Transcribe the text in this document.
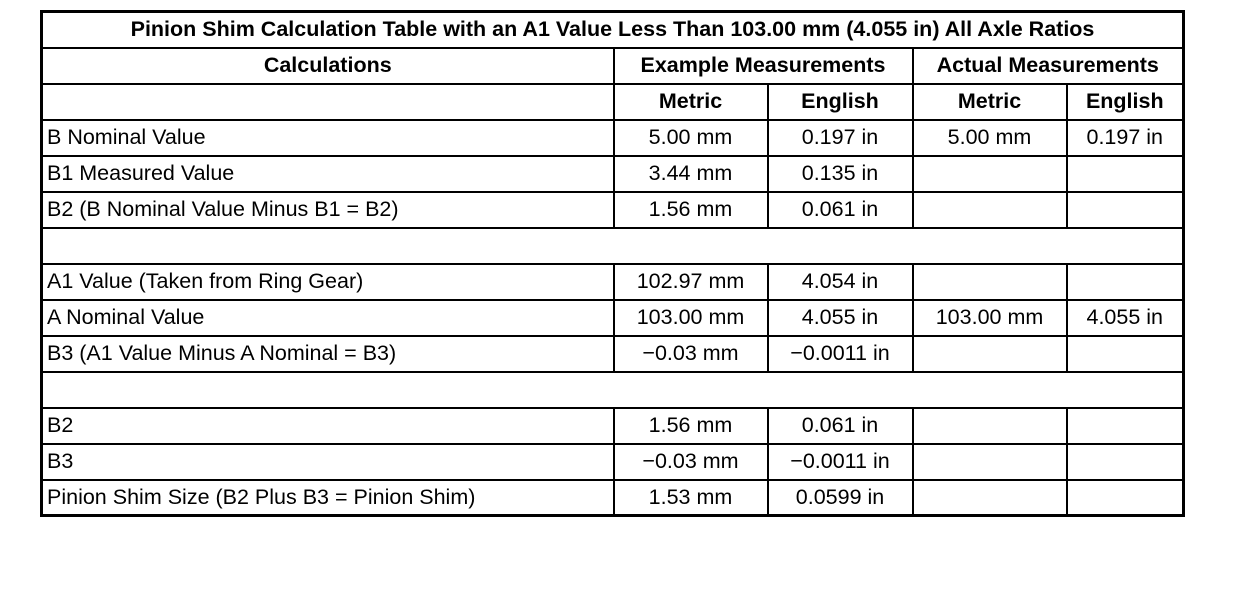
Pinion Shim Calculation Table with an A1 Value Less Than 103.00 mm (4.055 in) All Axle Ratios				
Calculations	Example Measurements		Actual Measurements	
	Metric	English	Metric	English
B Nominal Value	5.00 mm	0.197 in	5.00 mm	0.197 in
B1 Measured Value	3.44 mm	0.135 in		
B2 (B Nominal Value Minus B1 = B2)	1.56 mm	0.061 in		

A1 Value (Taken from Ring Gear)	102.97 mm	4.054 in		
A Nominal Value	103.00 mm	4.055 in	103.00 mm	4.055 in
B3 (A1 Value Minus A Nominal = B3)	−0.03 mm	−0.0011 in		

B2	1.56 mm	0.061 in		
B3	−0.03 mm	−0.0011 in		
Pinion Shim Size (B2 Plus B3 = Pinion Shim)	1.53 mm	0.0599 in		
